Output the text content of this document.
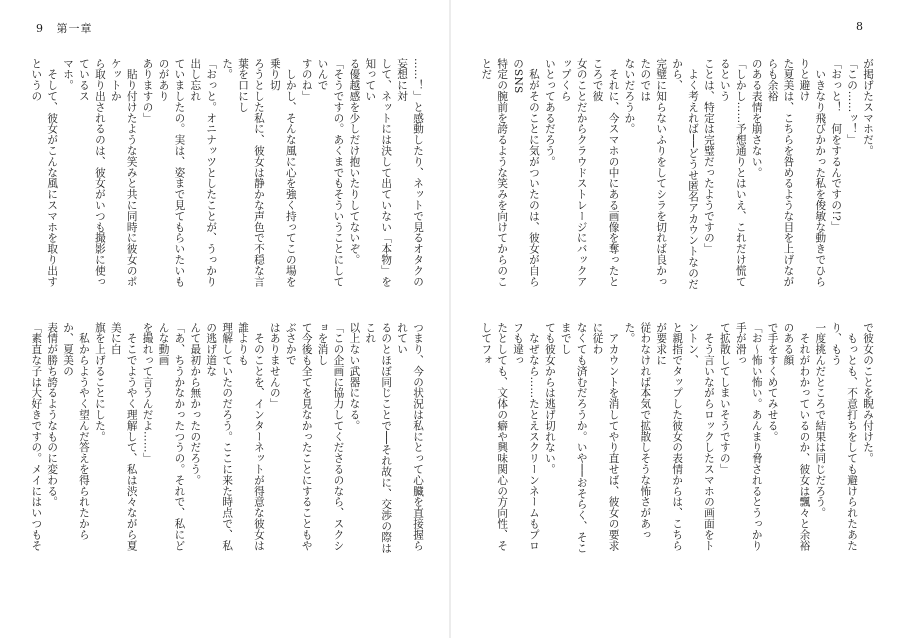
9 第一章

……！」と感動したり、ネットで見るオタクの妄想に対

して、ネットには決して出ていない「本物」を知ってい

る優越感を少しだけ抱いたりしてないぞ。

「そうですの。あくまでもそういうことにしていんで

すのね」

　しかし、そんな風に心を強く持ってこの場を乗り切

ろうとした私に、彼女は静かな声色で不穏な言葉を口にし

た。

「おっと。オニナッツとしたことが、うっかり出し忘れ

ていましたの。実は、姿まで見てもらいたいものがあり

ありますの」

　貼り付けたような笑みと共に同時に彼女のポケットか

ら取り出されるのは、彼女がいつも撮影に使っているス

マホ。

　そして、彼女がこんな風にスマホを取り出すというの

つまり、今の状況は私にとって心臓を直接握られてい

るのとほぼ同じことで──それ故に、交渉の際はこれ

以上ない武器になる。

「この企画に協力してくださるのなら、スクショを消し

て今後も全てを見なかったことにすることもやぶさかで

はありませんの」

　そのことを、インターネットが得意な彼女は誰よりも

理解していたのだろう。ここに来た時点で、私の逃げ道な

んて最初から無かったのだろう。

「あ、ちうかなかったつうの。それで、私にどんな動画

を撮れって言うんだよ……」

　そこでようやく理解して、私は渋々ながら夏美に白

旗を上げることにした。

　私からようやく望んだ答えを得られたからか、夏美の

表情が勝ち誇るようなものに変わる。

「素直な子は大好きですの。メイにはいつもそ

8

が掲げたスマホだ。

「この……ッ！」

「おっと！　何をするんですの!?」

　いきなり飛びかかった私を俊敏な動きでひらりと避け

た夏美は、こちらを咎めるような目を上げながらも余裕

のある表情を崩さない。

「しかし……予想通りとはいえ、これだけ慌てるという

ことは、特定は完璧だったようですの」

　よく考えれば──どうせ匿名アカウントなのだから、

完璧に知らないふりをしてシラを切れば良かったのでは

ないだろうか。

　それに、今スマホの中にある画像を奪ったところで彼

女のことだからクラウドストレージにバックアップくら

いとってあるだろう。

　私がそのことに気がついたのは、彼女が自らのSNS

特定の腕前を誇るような笑みを向けてからのことだ

で彼女のことを睨み付けた。

　もっとも、不意打ちをしても避けられたあたり、もう

一度挑んだところで結果は同じだろう。

　それがわかっているのか、彼女は飄々と余裕のある顔

で手をすくめてみせる。

「お～怖い怖い。あんまり脅されるとうっかり手が滑っ

て拡散してしまいそうですの」

　そう言いながらロックしたスマホの画面をトントン、

と親指でタップした彼女の表情からは、こちらが要求に

従わなければ本気で拡散しそうな怖さがあった。

　アカウントを消してやり直せば、彼女の要求に従わ

なくても済むだろうか。いや──おそらく、そこまでし

ても彼女からは逃げ切れない。

　なぜなら……たとえスクリーンネームもプロフも違っ

たとしても、文体の癖や興味関心の方向性、そしてフォ
